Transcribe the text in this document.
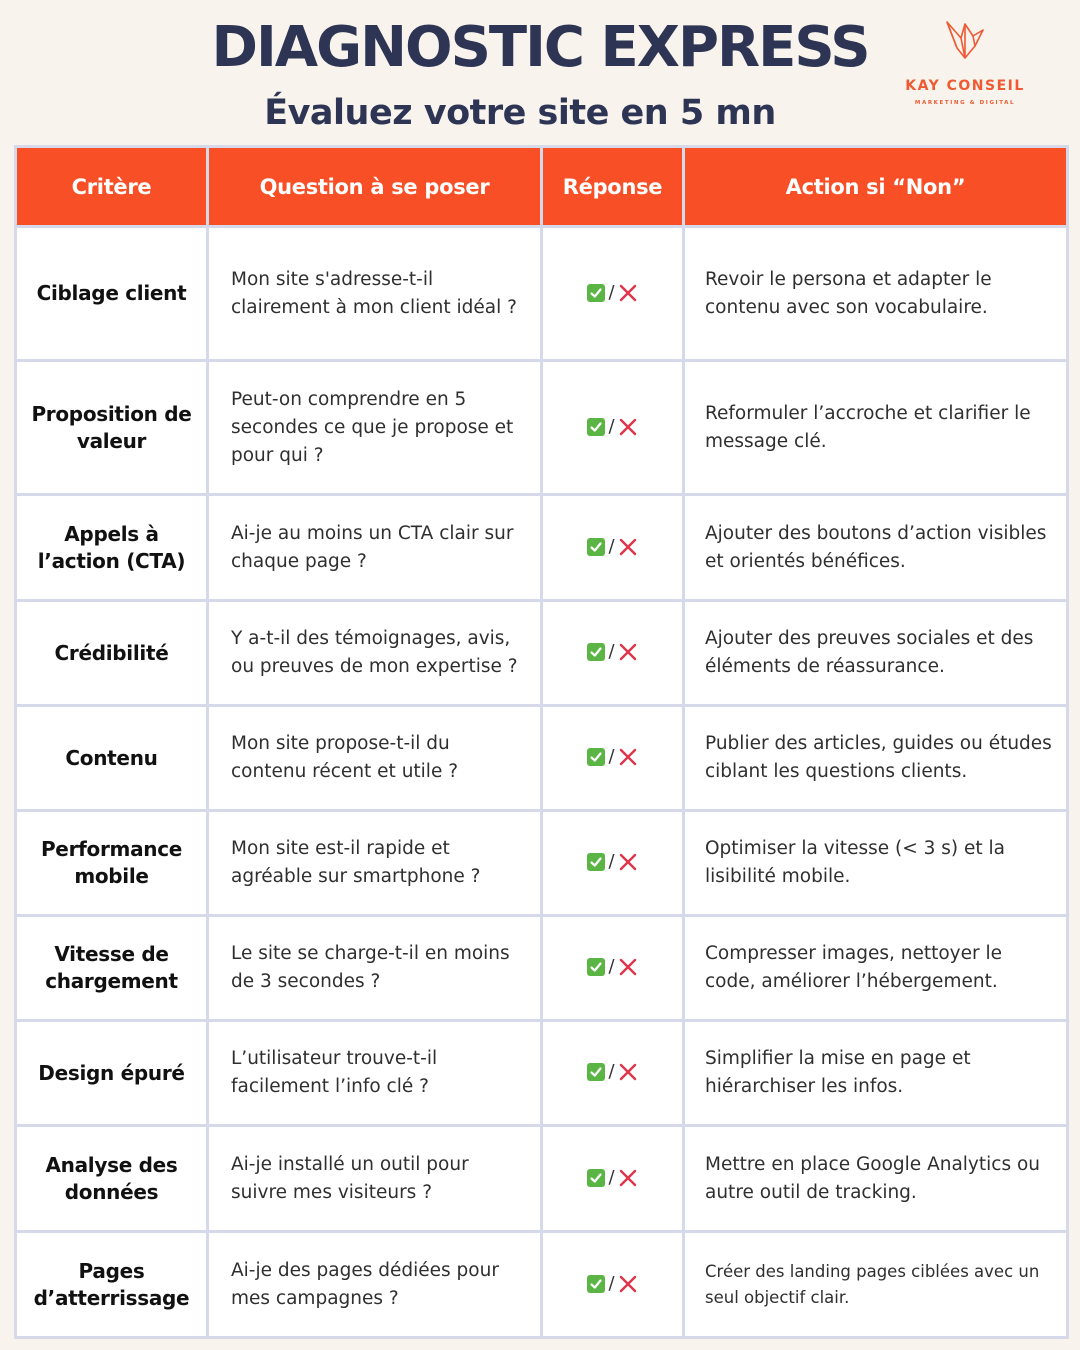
DIAGNOSTIC EXPRESS
Évaluez votre site en 5 mn
KAY CONSEIL
MARKETING & DIGITAL
Critère	Question à se poser	Réponse	Action si “Non”
Ciblage client	Mon site s'adresse-t-il clairement à mon client idéal ?	/	Revoir le persona et adapter le contenu avec son vocabulaire.
Proposition de valeur	Peut-on comprendre en 5 secondes ce que je propose et pour qui ?	/	Reformuler l’accroche et clarifier le message clé.
Appels à l’action (CTA)	Ai-je au moins un CTA clair sur chaque page ?	/	Ajouter des boutons d’action visibles et orientés bénéfices.
Crédibilité	Y a-t-il des témoignages, avis, ou preuves de mon expertise ?	/	Ajouter des preuves sociales et des éléments de réassurance.
Contenu	Mon site propose-t-il du contenu récent et utile ?	/	Publier des articles, guides ou études ciblant les questions clients.
Performance mobile	Mon site est-il rapide et agréable sur smartphone ?	/	Optimiser la vitesse (< 3 s) et la lisibilité mobile.
Vitesse de chargement	Le site se charge-t-il en moins de 3 secondes ?	/	Compresser images, nettoyer le code, améliorer l’hébergement.
Design épuré	L’utilisateur trouve-t-il facilement l’info clé ?	/	Simplifier la mise en page et hiérarchiser les infos.
Analyse des données	Ai-je installé un outil pour suivre mes visiteurs ?	/	Mettre en place Google Analytics ou autre outil de tracking.
Pages d’atterrissage	Ai-je des pages dédiées pour mes campagnes ?	/	Créer des landing pages ciblées avec un seul objectif clair.
